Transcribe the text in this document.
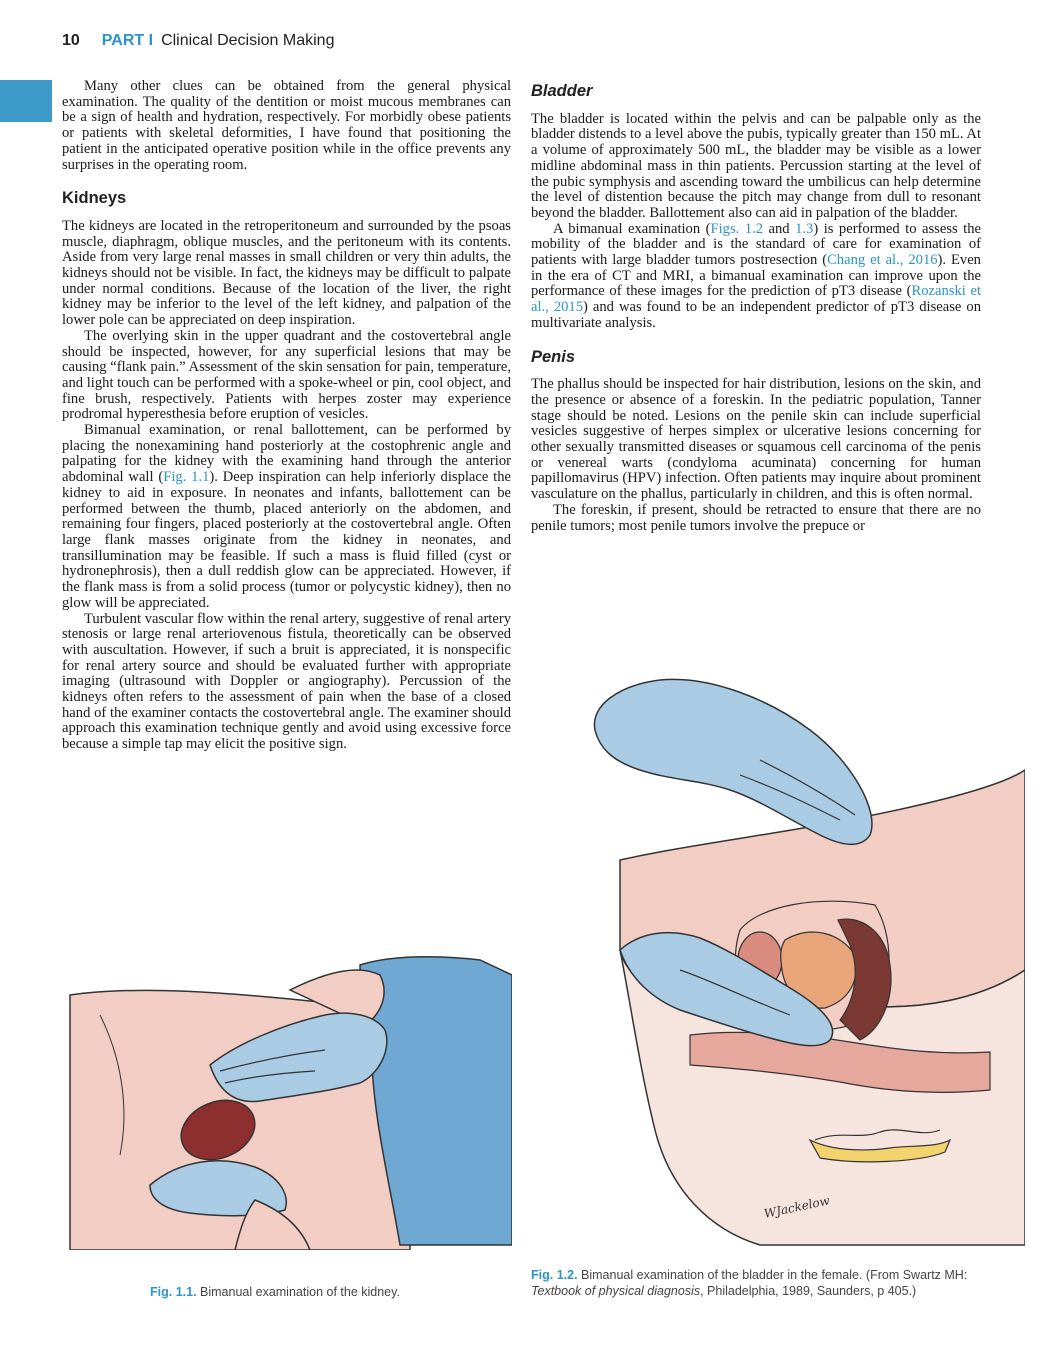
10 PART I Clinical Decision Making

Many other clues can be obtained from the general physical examination. The quality of the dentition or moist mucous membranes can be a sign of health and hydration, respectively. For morbidly obese patients or patients with skeletal deformities, I have found that positioning the patient in the anticipated operative position while in the office prevents any surprises in the operating room.

Kidneys

The kidneys are located in the retroperitoneum and surrounded by the psoas muscle, diaphragm, oblique muscles, and the peritoneum with its contents. Aside from very large renal masses in small children or very thin adults, the kidneys should not be visible. In fact, the kidneys may be difficult to palpate under normal conditions. Because of the location of the liver, the right kidney may be inferior to the level of the left kidney, and palpation of the lower pole can be appreciated on deep inspiration.

The overlying skin in the upper quadrant and the costovertebral angle should be inspected, however, for any superficial lesions that may be causing “flank pain.” Assessment of the skin sensation for pain, temperature, and light touch can be performed with a spoke-wheel or pin, cool object, and fine brush, respectively. Patients with herpes zoster may experience prodromal hyperesthesia before eruption of vesicles.

Bimanual examination, or renal ballottement, can be performed by placing the nonexamining hand posteriorly at the costophrenic angle and palpating for the kidney with the examining hand through the anterior abdominal wall (Fig. 1.1). Deep inspiration can help inferiorly displace the kidney to aid in exposure. In neonates and infants, ballottement can be performed between the thumb, placed anteriorly on the abdomen, and remaining four fingers, placed posteriorly at the costovertebral angle. Often large flank masses originate from the kidney in neonates, and transillumination may be feasible. If such a mass is fluid filled (cyst or hydronephrosis), then a dull reddish glow can be appreciated. However, if the flank mass is from a solid process (tumor or polycystic kidney), then no glow will be appreciated.

Turbulent vascular flow within the renal artery, suggestive of renal artery stenosis or large renal arteriovenous fistula, theoretically can be observed with auscultation. However, if such a bruit is appreciated, it is nonspecific for renal artery source and should be evaluated further with appropriate imaging (ultrasound with Doppler or angiography). Percussion of the kidneys often refers to the assessment of pain when the base of a closed hand of the examiner contacts the costovertebral angle. The examiner should approach this examination technique gently and avoid using excessive force because a simple tap may elicit the positive sign.

Bladder

The bladder is located within the pelvis and can be palpable only as the bladder distends to a level above the pubis, typically greater than 150 mL. At a volume of approximately 500 mL, the bladder may be visible as a lower midline abdominal mass in thin patients. Percussion starting at the level of the pubic symphysis and ascending toward the umbilicus can help determine the level of distention because the pitch may change from dull to resonant beyond the bladder. Ballottement also can aid in palpation of the bladder.

A bimanual examination (Figs. 1.2 and 1.3) is performed to assess the mobility of the bladder and is the standard of care for examination of patients with large bladder tumors postresection (Chang et al., 2016). Even in the era of CT and MRI, a bimanual examination can improve upon the performance of these images for the prediction of pT3 disease (Rozanski et al., 2015) and was found to be an independent predictor of pT3 disease on multivariate analysis.

Penis

The phallus should be inspected for hair distribution, lesions on the skin, and the presence or absence of a foreskin. In the pediatric population, Tanner stage should be noted. Lesions on the penile skin can include superficial vesicles suggestive of herpes simplex or ulcerative lesions concerning for other sexually transmitted diseases or squamous cell carcinoma of the penis or venereal warts (condyloma acuminata) concerning for human papillomavirus (HPV) infection. Often patients may inquire about prominent vasculature on the phallus, particularly in children, and this is often normal.

The foreskin, if present, should be retracted to ensure that there are no penile tumors; most penile tumors involve the prepuce or

Fig. 1.1. Bimanual examination of the kidney.
WJackelow
Fig. 1.2. Bimanual examination of the bladder in the female. (From Swartz MH: Textbook of physical diagnosis, Philadelphia, 1989, Saunders, p 405.)
